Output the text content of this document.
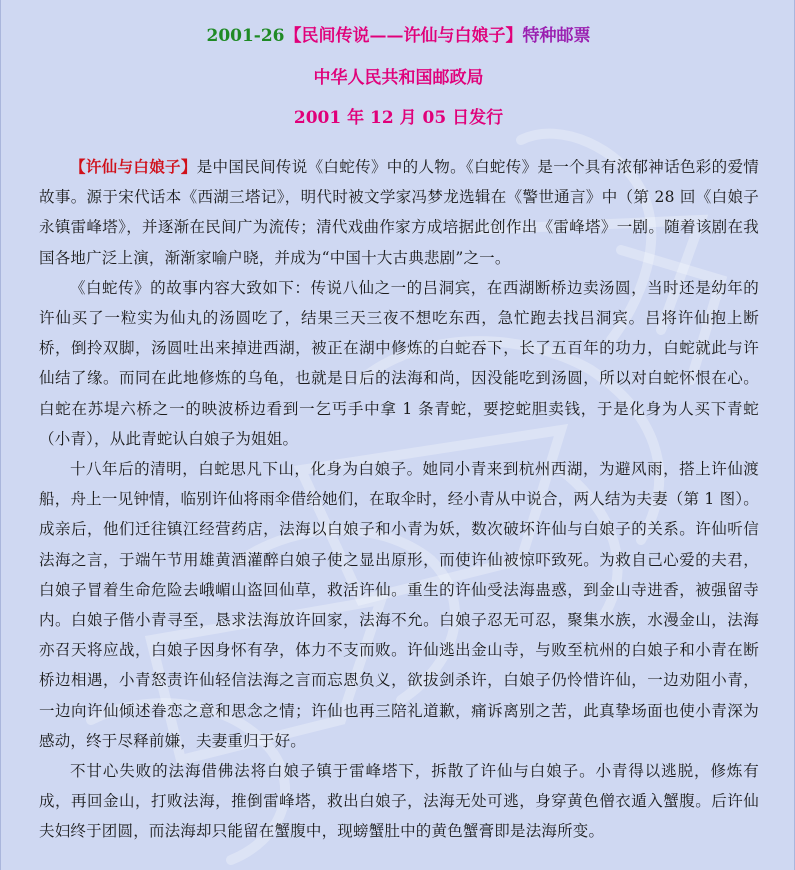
2001-26【民间传说——许仙与白娘子】特种邮票
中华人民共和国邮政局
2001 年 12 月 05 日发行

【许仙与白娘子】是中国民间传说《白蛇传》中的人物。《白蛇传》是一个具有浓郁神话色彩的爱情故事。源于宋代话本《西湖三塔记》，明代时被文学家冯梦龙选辑在《警世通言》中（第 28 回《白娘子永镇雷峰塔》，并逐渐在民间广为流传；清代戏曲作家方成培据此创作出《雷峰塔》一剧。随着该剧在我国各地广泛上演，渐渐家喻户晓，并成为“中国十大古典悲剧”之一。

《白蛇传》的故事内容大致如下：传说八仙之一的吕洞宾，在西湖断桥边卖汤圆，当时还是幼年的许仙买了一粒实为仙丸的汤圆吃了，结果三天三夜不想吃东西，急忙跑去找吕洞宾。吕将许仙抱上断桥，倒拎双脚，汤圆吐出来掉进西湖，被正在湖中修炼的白蛇吞下，长了五百年的功力，白蛇就此与许仙结了缘。而同在此地修炼的乌龟，也就是日后的法海和尚，因没能吃到汤圆，所以对白蛇怀恨在心。白蛇在苏堤六桥之一的映波桥边看到一乞丐手中拿 1 条青蛇，要挖蛇胆卖钱，于是化身为人买下青蛇（小青），从此青蛇认白娘子为姐姐。

十八年后的清明，白蛇思凡下山，化身为白娘子。她同小青来到杭州西湖，为避风雨，搭上许仙渡船，舟上一见钟情，临别许仙将雨伞借给她们，在取伞时，经小青从中说合，两人结为夫妻（第 1 图）。成亲后，他们迁往镇江经营药店，法海以白娘子和小青为妖，数次破坏许仙与白娘子的关系。许仙听信法海之言，于端午节用雄黄酒灌醉白娘子使之显出原形，而使许仙被惊吓致死。为救自己心爱的夫君，白娘子冒着生命危险去峨嵋山盗回仙草，救活许仙。重生的许仙受法海蛊惑，到金山寺进香，被强留寺内。白娘子偕小青寻至，恳求法海放许回家，法海不允。白娘子忍无可忍，聚集水族，水漫金山，法海亦召天将应战，白娘子因身怀有孕，体力不支而败。许仙逃出金山寺，与败至杭州的白娘子和小青在断桥边相遇，小青怒责许仙轻信法海之言而忘恩负义，欲拔剑杀许，白娘子仍怜惜许仙，一边劝阻小青，一边向许仙倾述眷恋之意和思念之情；许仙也再三陪礼道歉，痛诉离别之苦，此真挚场面也使小青深为感动，终于尽释前嫌，夫妻重归于好。

不甘心失败的法海借佛法将白娘子镇于雷峰塔下，拆散了许仙与白娘子。小青得以逃脱，修炼有成，再回金山，打败法海，推倒雷峰塔，救出白娘子，法海无处可逃，身穿黄色僧衣遁入蟹腹。后许仙夫妇终于团圆，而法海却只能留在蟹腹中，现螃蟹肚中的黄色蟹膏即是法海所变。
